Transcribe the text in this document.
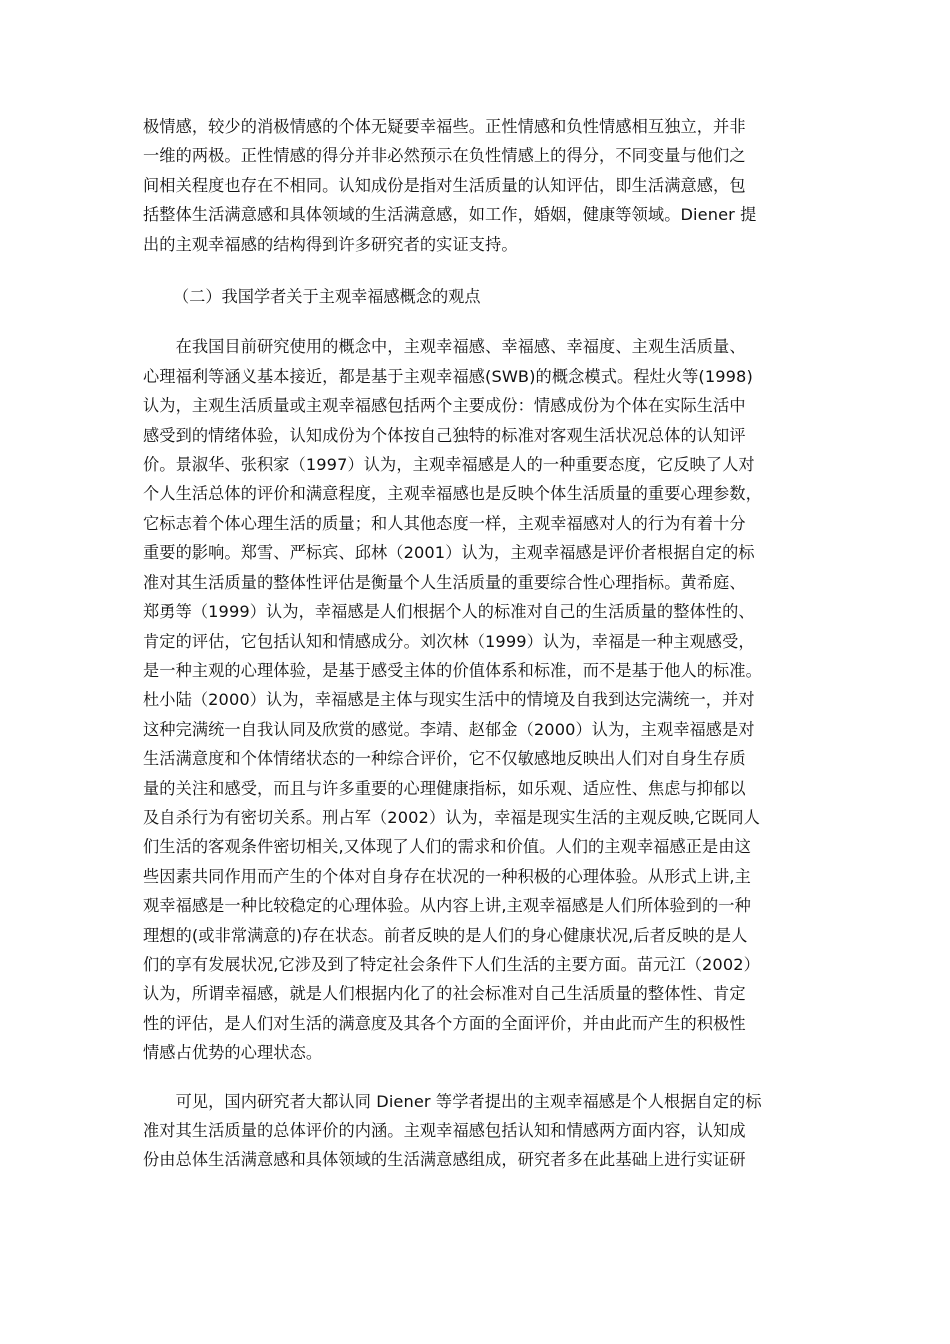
极情感，较少的消极情感的个体无疑要幸福些。正性情感和负性情感相互独立，并非
一维的两极。正性情感的得分并非必然预示在负性情感上的得分，不同变量与他们之
间相关程度也存在不相同。认知成份是指对生活质量的认知评估，即生活满意感，包
括整体生活满意感和具体领域的生活满意感，如工作，婚姻，健康等领域。Diener 提
出的主观幸福感的结构得到许多研究者的实证支持。
（二）我国学者关于主观幸福感概念的观点
　　在我国目前研究使用的概念中，主观幸福感、幸福感、幸福度、主观生活质量、
心理福利等涵义基本接近，都是基于主观幸福感(SWB)的概念模式。程灶火等(1998)
认为，主观生活质量或主观幸福感包括两个主要成份：情感成份为个体在实际生活中
感受到的情绪体验，认知成份为个体按自己独特的标准对客观生活状况总体的认知评
价。景淑华、张积家（1997）认为，主观幸福感是人的一种重要态度，它反映了人对
个人生活总体的评价和满意程度，主观幸福感也是反映个体生活质量的重要心理参数，
它标志着个体心理生活的质量；和人其他态度一样，主观幸福感对人的行为有着十分
重要的影响。郑雪、严标宾、邱林（2001）认为，主观幸福感是评价者根据自定的标
准对其生活质量的整体性评估是衡量个人生活质量的重要综合性心理指标。黄希庭、
郑勇等（1999）认为，幸福感是人们根据个人的标准对自己的生活质量的整体性的、
肯定的评估，它包括认知和情感成分。刘次林（1999）认为，幸福是一种主观感受，
是一种主观的心理体验，是基于感受主体的价值体系和标准，而不是基于他人的标准。
杜小陆（2000）认为，幸福感是主体与现实生活中的情境及自我到达完满统一，并对
这种完满统一自我认同及欣赏的感觉。李靖、赵郁金（2000）认为，主观幸福感是对
生活满意度和个体情绪状态的一种综合评价，它不仅敏感地反映出人们对自身生存质
量的关注和感受，而且与许多重要的心理健康指标，如乐观、适应性、焦虑与抑郁以
及自杀行为有密切关系。刑占军（2002）认为，幸福是现实生活的主观反映,它既同人
们生活的客观条件密切相关,又体现了人们的需求和价值。人们的主观幸福感正是由这
些因素共同作用而产生的个体对自身存在状况的一种积极的心理体验。从形式上讲,主
观幸福感是一种比较稳定的心理体验。从内容上讲,主观幸福感是人们所体验到的一种
理想的(或非常满意的)存在状态。前者反映的是人们的身心健康状况,后者反映的是人
们的享有发展状况,它涉及到了特定社会条件下人们生活的主要方面。苗元江（2002）
认为，所谓幸福感，就是人们根据内化了的社会标准对自己生活质量的整体性、肯定
性的评估，是人们对生活的满意度及其各个方面的全面评价，并由此而产生的积极性
情感占优势的心理状态。
　　可见，国内研究者大都认同 Diener 等学者提出的主观幸福感是个人根据自定的标
准对其生活质量的总体评价的内涵。主观幸福感包括认知和情感两方面内容，认知成
份由总体生活满意感和具体领域的生活满意感组成，研究者多在此基础上进行实证研
